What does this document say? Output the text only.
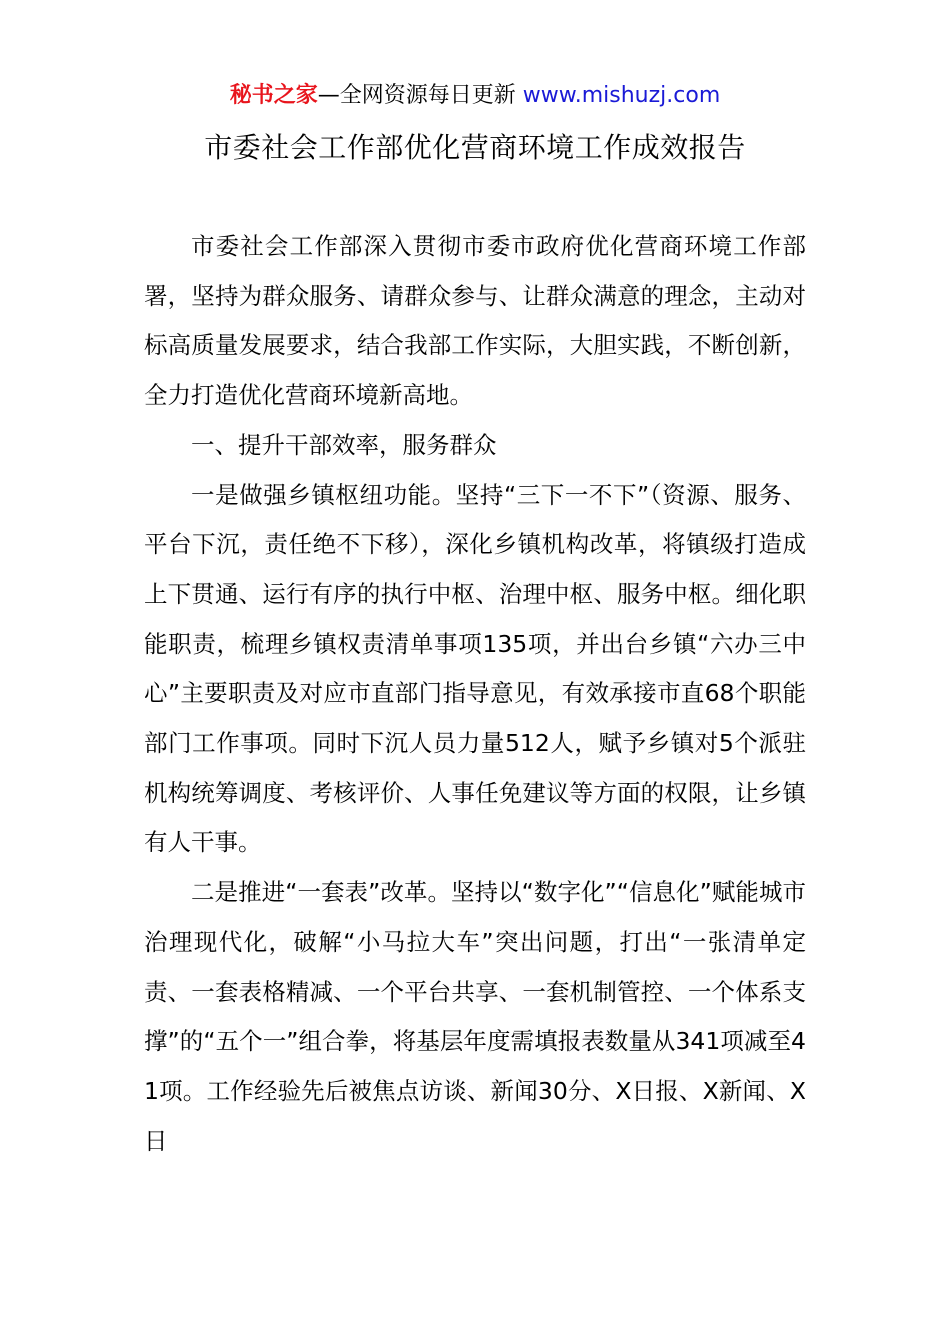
秘书之家—全网资源每日更新 www.mishuzj.com
市委社会工作部优化营商环境工作成效报告

市委社会工作部深入贯彻市委市政府优化营商环境工作部署，坚持为群众服务、请群众参与、让群众满意的理念，主动对标高质量发展要求，结合我部工作实际，大胆实践，不断创新，全力打造优化营商环境新高地。

一、提升干部效率，服务群众

一是做强乡镇枢纽功能。坚持“三下一不下”（资源、服务、平台下沉，责任绝不下移），深化乡镇机构改革，将镇级打造成上下贯通、运行有序的执行中枢、治理中枢、服务中枢。细化职能职责，梳理乡镇权责清单事项135项，并出台乡镇“六办三中心”主要职责及对应市直部门指导意见，有效承接市直68个职能部门工作事项。同时下沉人员力量512人，赋予乡镇对5个派驻机构统筹调度、考核评价、人事任免建议等方面的权限，让乡镇有人干事。

二是推进“一套表”改革。坚持以“数字化”“信息化”赋能城市治理现代化，破解“小马拉大车”突出问题，打出“一张清单定责、一套表格精减、一个平台共享、一套机制管控、一个体系支撑”的“五个一”组合拳，将基层年度需填报表数量从341项减至41项。工作经验先后被焦点访谈、新闻30分、X日报、X新闻、X日
